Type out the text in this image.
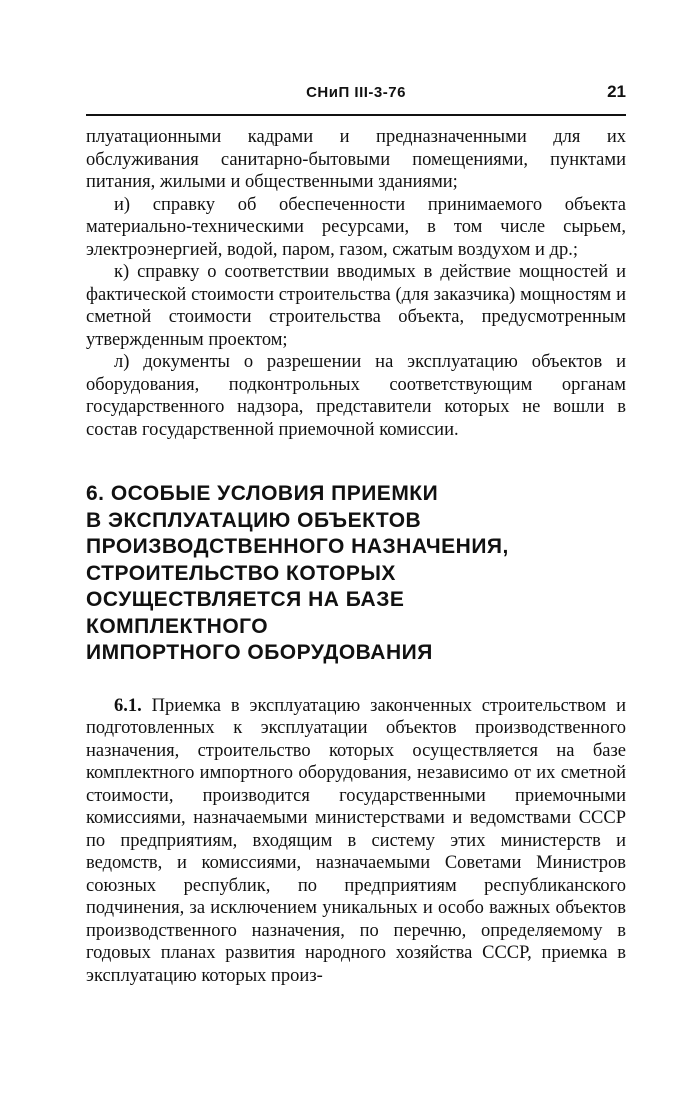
СНиП III-3-76	21

плуатационными кадрами и предназначенными для их обслуживания санитарно-бытовыми помещениями, пунктами питания, жилыми и общественными зданиями;

и) справку об обеспеченности принимаемого объекта материально-техническими ресурсами, в том числе сырьем, электроэнергией, водой, паром, газом, сжатым воздухом и др.;

к) справку о соответствии вводимых в действие мощностей и фактической стоимости строительства (для заказчика) мощностям и сметной стоимости строительства объекта, предусмотренным утвержденным проектом;

л) документы о разрешении на эксплуатацию объектов и оборудования, подконтрольных соответствующим органам государственного надзора, представители которых не вошли в состав государственной приемочной комиссии.

6. ОСОБЫЕ УСЛОВИЯ ПРИЕМКИ
В ЭКСПЛУАТАЦИЮ ОБЪЕКТОВ
ПРОИЗВОДСТВЕННОГО НАЗНАЧЕНИЯ,
СТРОИТЕЛЬСТВО КОТОРЫХ
ОСУЩЕСТВЛЯЕТСЯ НА БАЗЕ
КОМПЛЕКТНОГО
ИМПОРТНОГО ОБОРУДОВАНИЯ

6.1. Приемка в эксплуатацию законченных строительством и подготовленных к эксплуатации объектов производственного назначения, строительство которых осуществляется на базе комплектного импортного оборудования, независимо от их сметной стоимости, производится государственными приемочными комиссиями, назначаемыми министерствами и ведомствами СССР по предприятиям, входящим в систему этих министерств и ведомств, и комиссиями, назначаемыми Советами Министров союзных республик, по предприятиям республиканского подчинения, за исключением уникальных и особо важных объектов производственного назначения, по перечню, определяемому в годовых планах развития народного хозяйства СССР, приемка в эксплуатацию которых произ-
